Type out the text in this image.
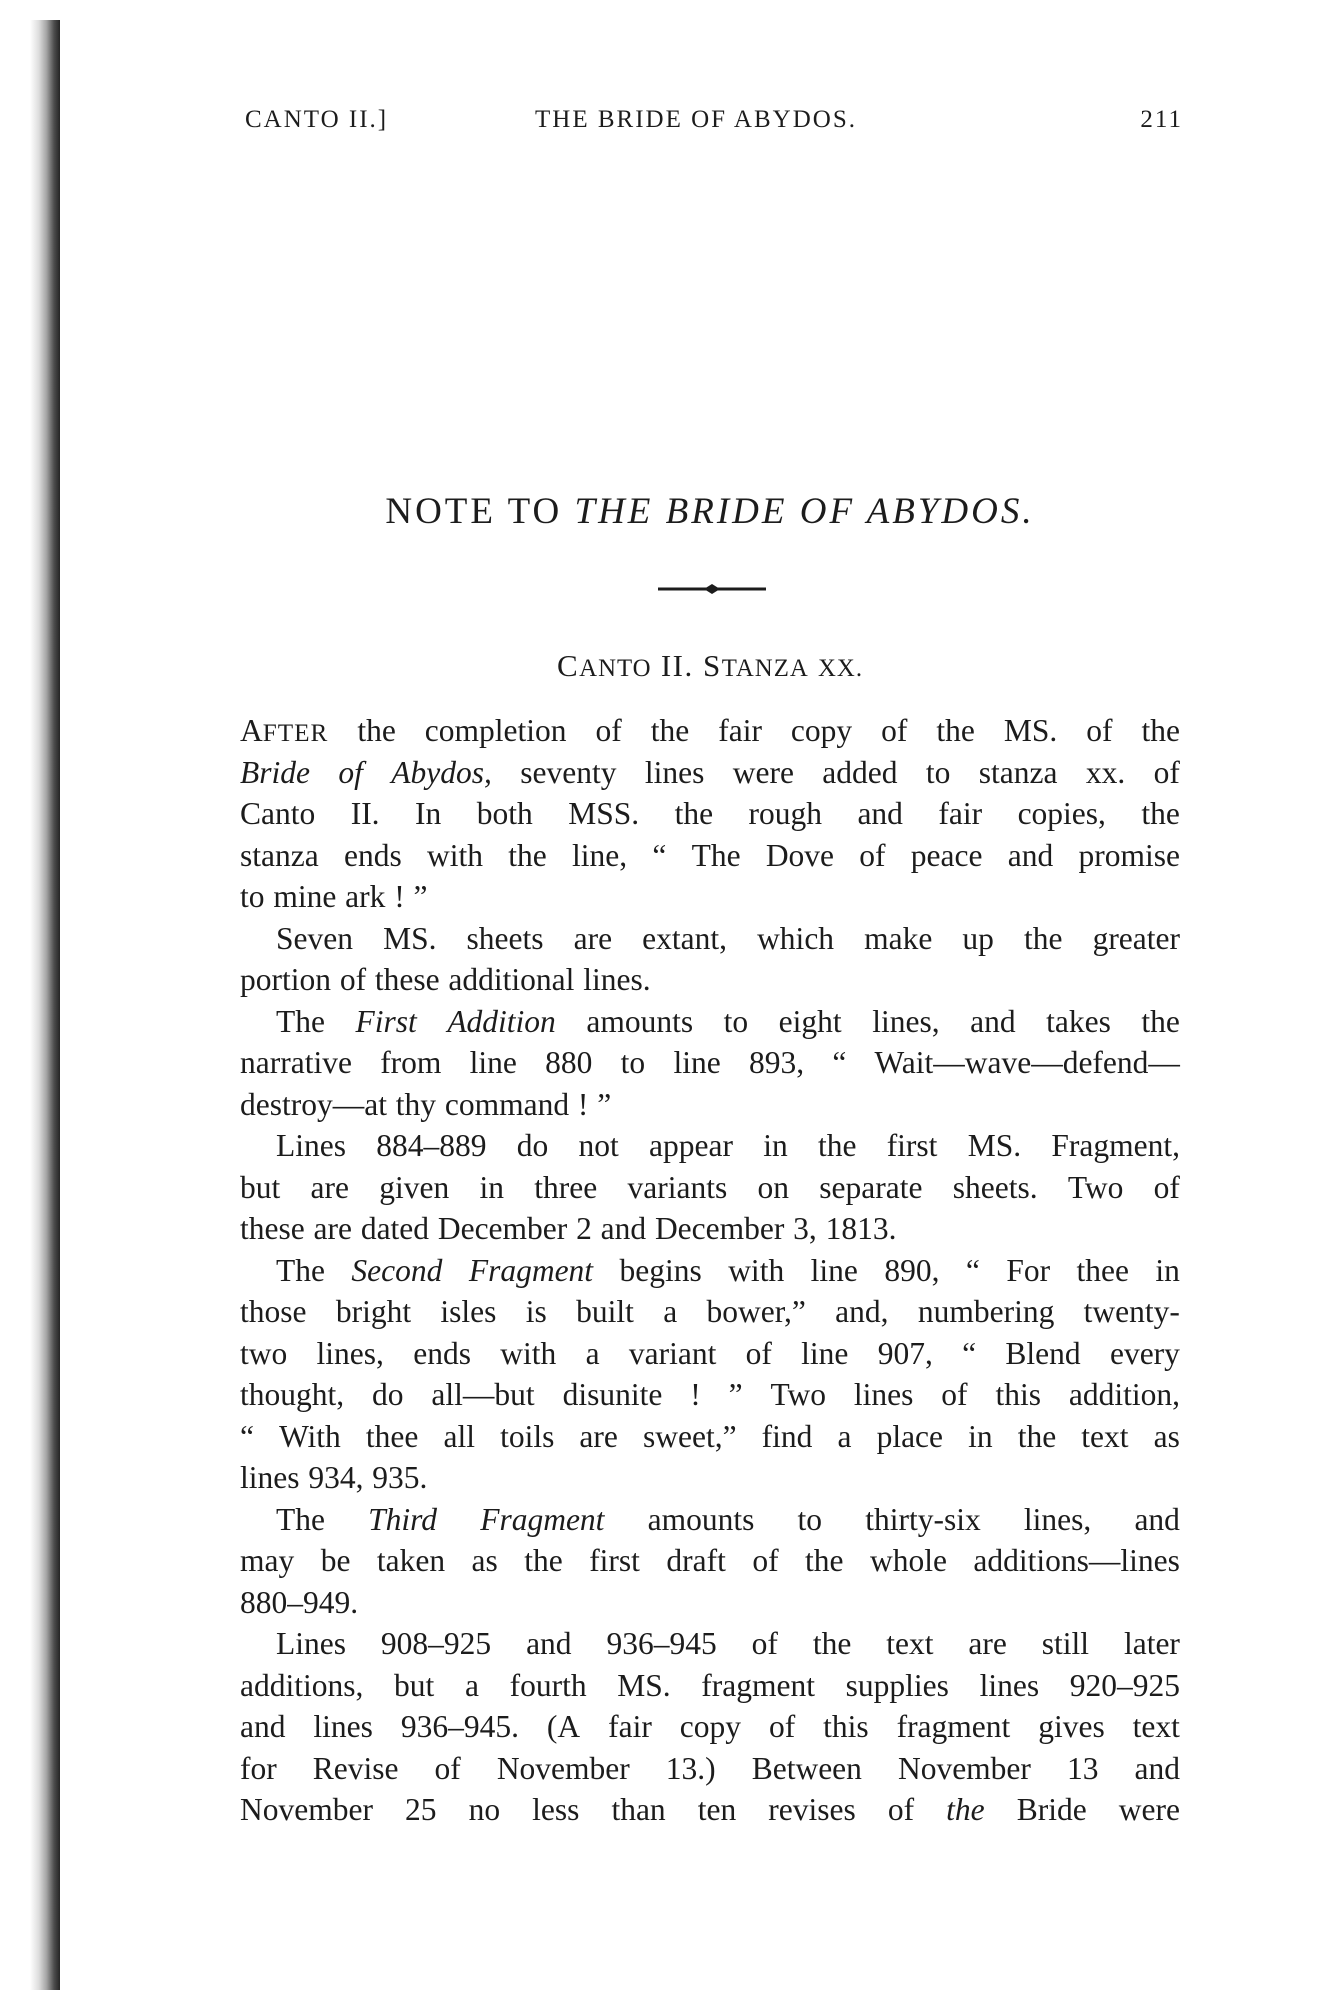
CANTO II.]	THE BRIDE OF ABYDOS.	211
NOTE TO THE BRIDE OF ABYDOS.
CANTO II. STANZA XX.
AFTER the completion of the fair copy of the MS. of the
Bride of Abydos, seventy lines were added to stanza xx. of
Canto II. In both MSS. the rough and fair copies, the
stanza ends with the line, “ The Dove of peace and promise
to mine ark ! ”
Seven MS. sheets are extant, which make up the greater
portion of these additional lines.
The First Addition amounts to eight lines, and takes the
narrative from line 880 to line 893, “ Wait—wave—defend—
destroy—at thy command ! ”
Lines 884–889 do not appear in the first MS. Fragment,
but are given in three variants on separate sheets. Two of
these are dated December 2 and December 3, 1813.
The Second Fragment begins with line 890, “ For thee in
those bright isles is built a bower,” and, numbering twenty-
two lines, ends with a variant of line 907, “ Blend every
thought, do all—but disunite ! ” Two lines of this addition,
“ With thee all toils are sweet,” find a place in the text as
lines 934, 935.
The Third Fragment amounts to thirty-six lines, and
may be taken as the first draft of the whole additions—lines
880–949.
Lines 908–925 and 936–945 of the text are still later
additions, but a fourth MS. fragment supplies lines 920–925
and lines 936–945. (A fair copy of this fragment gives text
for Revise of November 13.) Between November 13 and
November 25 no less than ten revises of the Bride were
